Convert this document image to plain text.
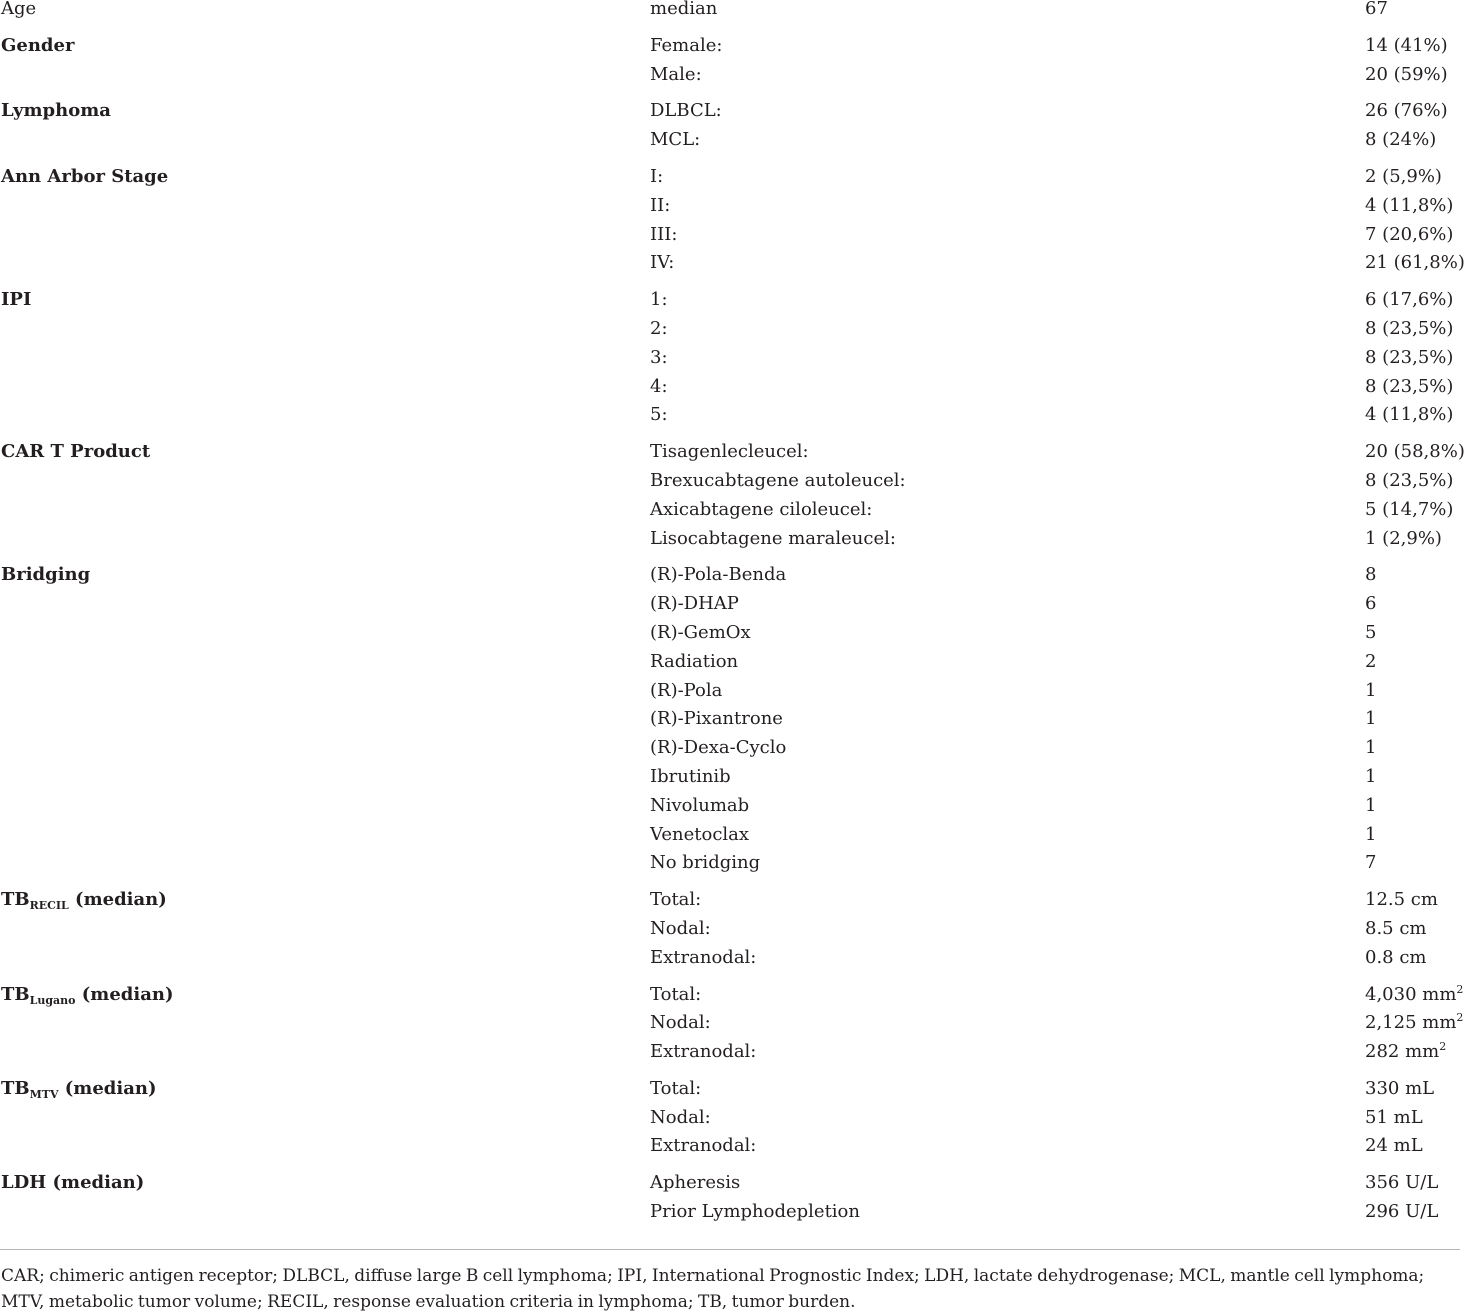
Age	median	67
Gender	Female:	14 (41%)
Male:	20 (59%)
Lymphoma	DLBCL:	26 (76%)
MCL:	8 (24%)
Ann Arbor Stage	I:	2 (5,9%)
II:	4 (11,8%)
III:	7 (20,6%)
IV:	21 (61,8%)
IPI	1:	6 (17,6%)
2:	8 (23,5%)
3:	8 (23,5%)
4:	8 (23,5%)
5:	4 (11,8%)
CAR T Product	Tisagenlecleucel:	20 (58,8%)
Brexucabtagene autoleucel:	8 (23,5%)
Axicabtagene ciloleucel:	5 (14,7%)
Lisocabtagene maraleucel:	1 (2,9%)
Bridging	(R)-Pola-Benda	8
(R)-DHAP	6
(R)-GemOx	5
Radiation	2
(R)-Pola	1
(R)-Pixantrone	1
(R)-Dexa-Cyclo	1
Ibrutinib	1
Nivolumab	1
Venetoclax	1
No bridging	7
$TB_{RECIL}$ (median)	Total:	12.5 cm
Nodal:	8.5 cm
Extranodal:	0.8 cm
$TB_{Lugano}$ (median)	Total:	4,030 $mm^2$
Nodal:	2,125 $mm^2$
Extranodal:	282 $mm^2$
$TB_{MTV}$ (median)	Total:	330 mL
Nodal:	51 mL
Extranodal:	24 mL
LDH (median)	Apheresis	356 U/L
Prior Lymphodepletion	296 U/L
CAR; chimeric antigen receptor; DLBCL, diffuse large B cell lymphoma; IPI, International Prognostic Index; LDH, lactate dehydrogenase; MCL, mantle cell lymphoma; MTV, metabolic tumor volume; RECIL, response evaluation criteria in lymphoma; TB, tumor burden.
